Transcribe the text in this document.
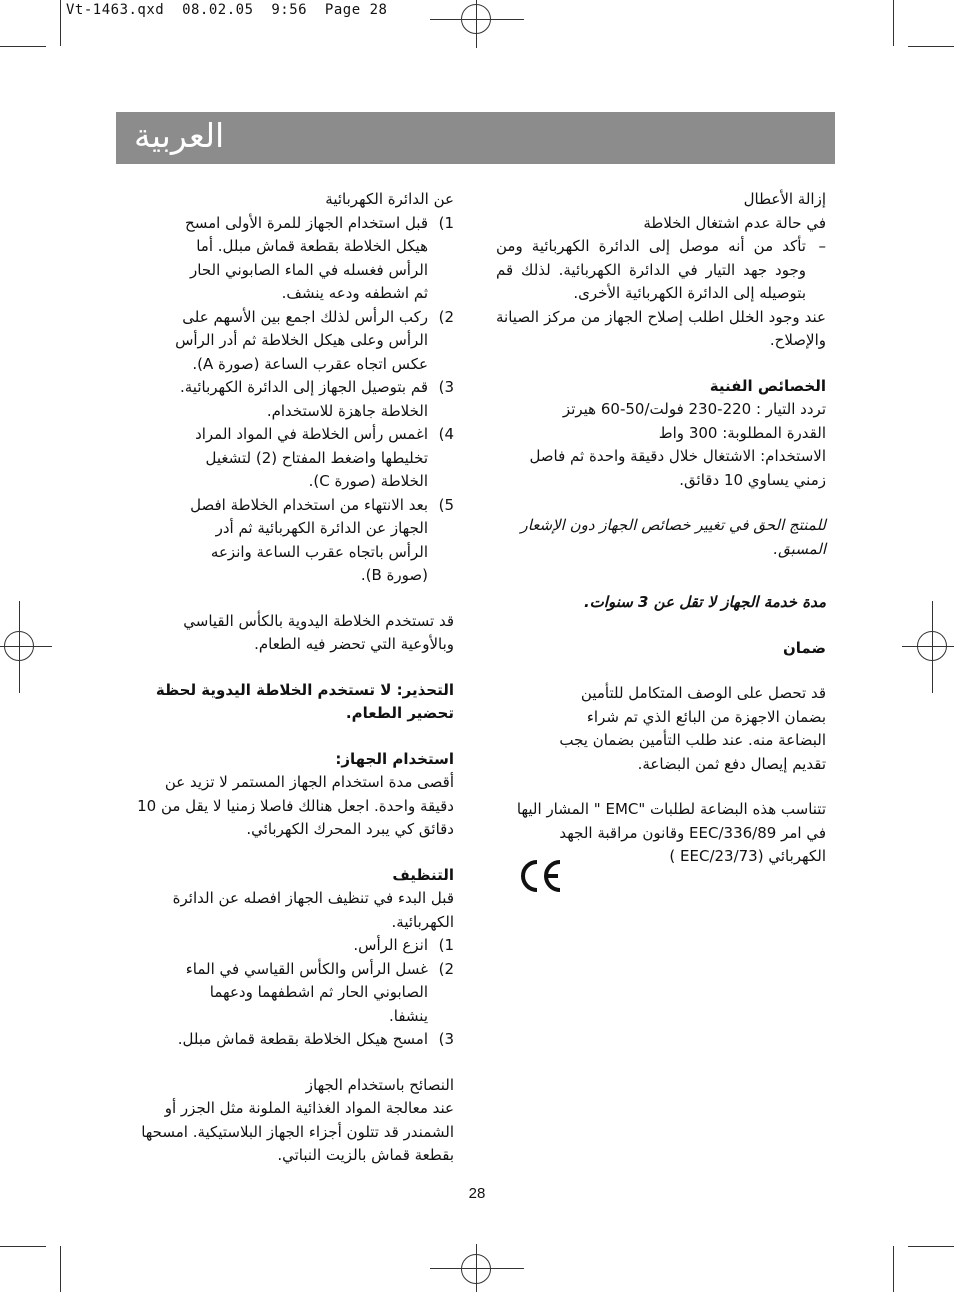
Vt-1463.qxd  08.02.05  9:56  Page 28
العربية

إزالة الأعطال

في حالة عدم اشتغال الخلاطة

–
تأكد من أنه موصل إلى الدائرة الكهربائية ومن وجود جهد التيار في الدائرة الكهربائية. لذلك قم بتوصيله إلى الدائرة الكهربائية الأخرى.

عند وجود الخلل اطلب إصلاح الجهاز من مركز الصيانة والإصلاح.

الخصائص الفنية

تردد التيار : 220-230 فولت/50-60 هيرتز

القدرة المطلوبة: 300 واط

الاستخدام: الاشتغال خلال دقيقة واحدة ثم فاصل زمني يساوي 10 دقائق.

للمنتج الحق في تغيير خصائص الجهاز دون الإشعار المسبق.

مدة خدمة الجهاز لا تقل عن 3 سنوات.

ضمان

قد تحصل على الوصف المتكامل للتأمين بضمان الاجهزة من البائع الذي تم شراء البضاعة منه. عند طلب التأمين بضمان يجب تقديم إيصال دفع ثمن البضاعة.

تتناسب هذه البضاعة لطلبات "EMC " المشار اليها

في امر EEC/336/89 وقانون مراقبة الجهد

الكهربائي (EEC/23/73 )

عن الدائرة الكهربائية

1)
قبل استخدام الجهاز للمرة الأولى امسح هيكل الخلاطة بقطعة قماش مبلل. أما الرأس فغسله في الماء الصابوني الحار ثم اشطفه ودعه ينشف.
2)
ركب الرأس لذلك اجمع بين الأسهم على الرأس وعلى هيكل الخلاطة ثم أدر الرأس عكس اتجاه عقرب الساعة (صورة A).
3)
قم بتوصيل الجهاز إلى الدائرة الكهربائية. الخلاطة جاهزة للاستخدام.
4)
اغمس رأس الخلاطة في المواد المراد تخليطها واضغط المفتاح (2) لتشغيل الخلاطة (صورة C).
5)
بعد الانتهاء من استخدام الخلاطة افصل الجهاز عن الدائرة الكهربائية ثم أدر الرأس باتجاه عقرب الساعة وانزعه (صورة B).

قد تستخدم الخلاطة اليدوية بالكأس القياسي وبالأوعية التي تحضر فيه الطعام.

التحذير: لا تستخدم الخلاطة اليدوية لحظة تحضير الطعام.

استخدام الجهاز:

أقصى مدة استخدام الجهاز المستمر لا تزيد عن دقيقة واحدة. اجعل هنالك فاصلا زمنيا لا يقل من 10 دقائق كي يبرد المحرك الكهربائي.

التنظيف

قبل البدء في تنظيف الجهاز افصله عن الدائرة الكهربائية.

1)
انزع الرأس.
2)
غسل الرأس والكأس القياسي في الماء الصابوني الحار ثم اشطفهما ودعهما ينشفا.
3)
امسح هيكل الخلاطة بقطعة قماش مبلل.

النصائح باستخدام الجهاز

عند معالجة المواد الغذائية الملونة مثل الجزر أو الشمندر قد تتلون أجزاء الجهاز البلاستيكية. امسحها بقطعة قماش بالزيت النباتي.

28
